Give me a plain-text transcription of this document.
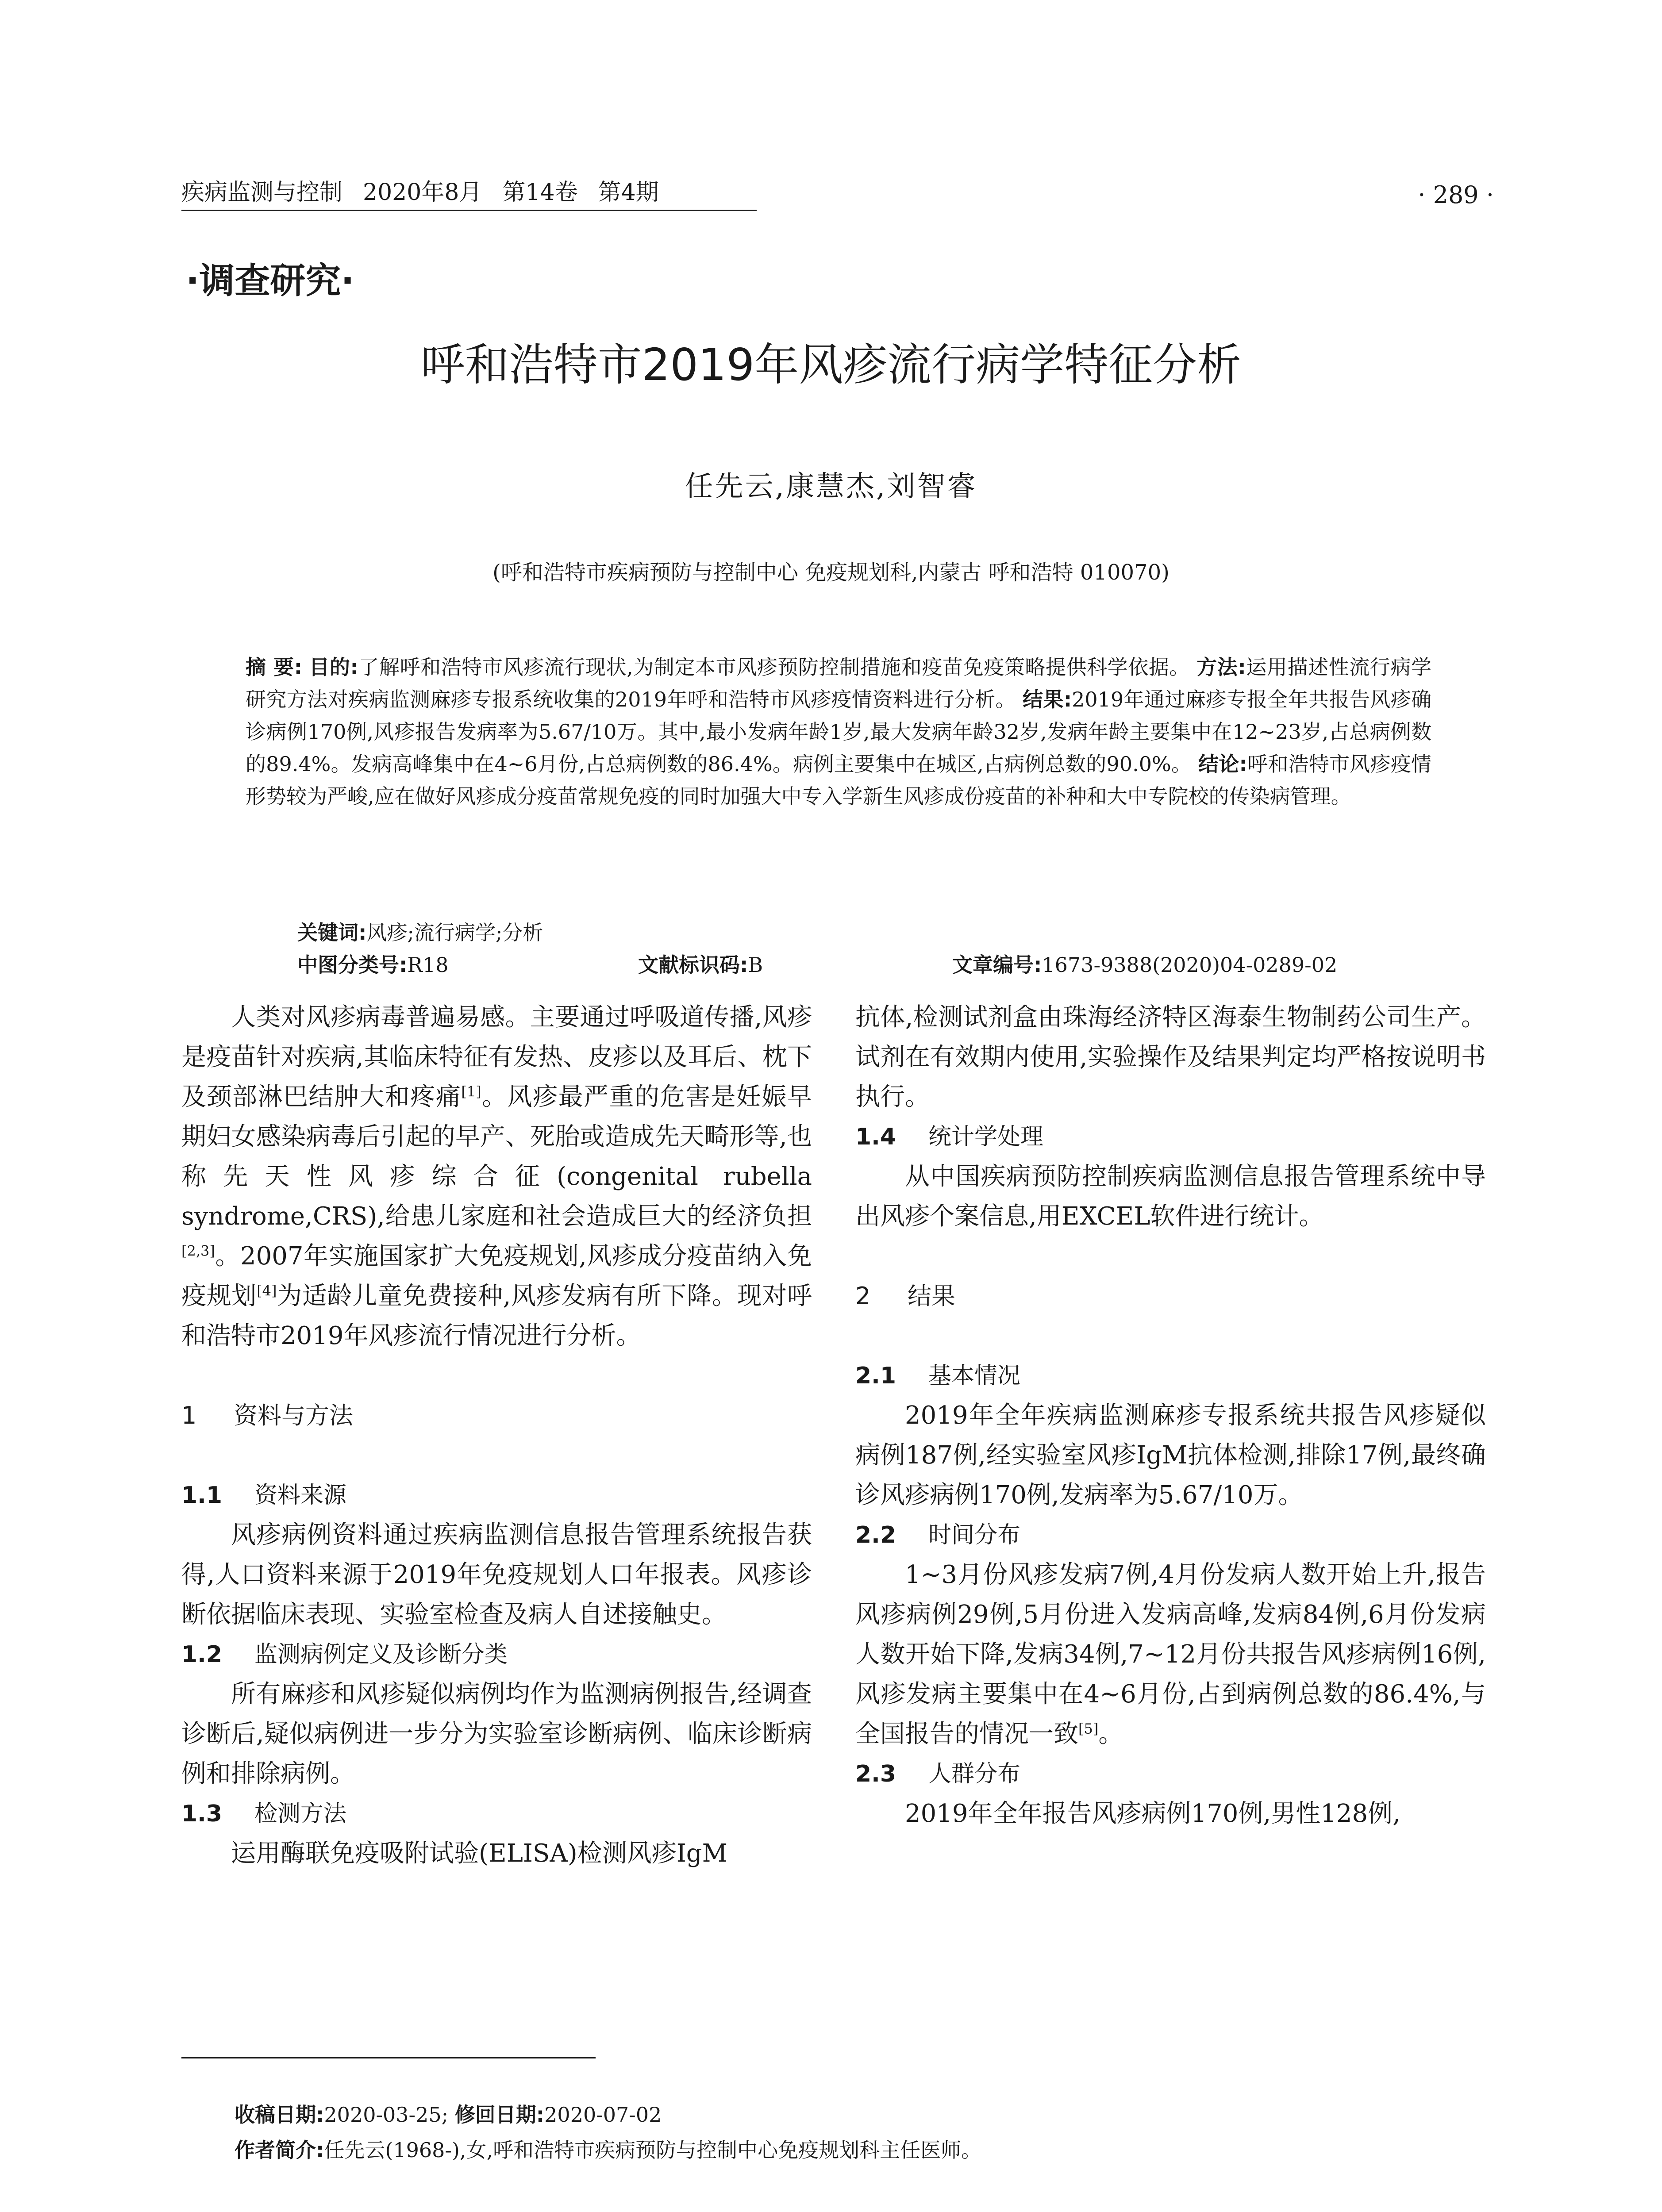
疾病监测与控制 2020年8月 第14卷 第4期	· 289 ·
·调查研究·
呼和浩特市2019年风疹流行病学特征分析
任先云,康慧杰,刘智睿
(呼和浩特市疾病预防与控制中心 免疫规划科,内蒙古 呼和浩特 010070)

摘 要: 目的:了解呼和浩特市风疹流行现状,为制定本市风疹预防控制措施和疫苗免疫策略提供科学依据。 方法:运用描述性流行病学研究方法对疾病监测麻疹专报系统收集的2019年呼和浩特市风疹疫情资料进行分析。 结果:2019年通过麻疹专报全年共报告风疹确诊病例170例,风疹报告发病率为5.67/10万。其中,最小发病年龄1岁,最大发病年龄32岁,发病年龄主要集中在12~23岁,占总病例数的89.4%。发病高峰集中在4~6月份,占总病例数的86.4%。病例主要集中在城区,占病例总数的90.0%。 结论:呼和浩特市风疹疫情形势较为严峻,应在做好风疹成分疫苗常规免疫的同时加强大中专入学新生风疹成份疫苗的补种和大中专院校的传染病管理。

关键词:风疹;流行病学;分析
中图分类号:R18	文献标识码:B	文章编号:1673-9388(2020)04-0289-02

人类对风疹病毒普遍易感。主要通过呼吸道传播,风疹是疫苗针对疾病,其临床特征有发热、皮疹以及耳后、枕下及颈部淋巴结肿大和疼痛[1]。风疹最严重的危害是妊娠早期妇女感染病毒后引起的早产、死胎或造成先天畸形等,也称先天性风疹综合征(congenital rubella syndrome,CRS),给患儿家庭和社会造成巨大的经济负担[2,3]。2007年实施国家扩大免疫规划,风疹成分疫苗纳入免疫规划[4]为适龄儿童免费接种,风疹发病有所下降。现对呼和浩特市2019年风疹流行情况进行分析。

1 资料与方法

1.1 资料来源

风疹病例资料通过疾病监测信息报告管理系统报告获得,人口资料来源于2019年免疫规划人口年报表。风疹诊断依据临床表现、实验室检查及病人自述接触史。

1.2 监测病例定义及诊断分类

所有麻疹和风疹疑似病例均作为监测病例报告,经调查诊断后,疑似病例进一步分为实验室诊断病例、临床诊断病例和排除病例。

1.3 检测方法

运用酶联免疫吸附试验(ELISA)检测风疹IgM

抗体,检测试剂盒由珠海经济特区海泰生物制药公司生产。试剂在有效期内使用,实验操作及结果判定均严格按说明书执行。

1.4 统计学处理

从中国疾病预防控制疾病监测信息报告管理系统中导出风疹个案信息,用EXCEL软件进行统计。

2 结果

2.1 基本情况

2019年全年疾病监测麻疹专报系统共报告风疹疑似病例187例,经实验室风疹IgM抗体检测,排除17例,最终确诊风疹病例170例,发病率为5.67/10万。

2.2 时间分布

1~3月份风疹发病7例,4月份发病人数开始上升,报告风疹病例29例,5月份进入发病高峰,发病84例,6月份发病人数开始下降,发病34例,7~12月份共报告风疹病例16例,风疹发病主要集中在4~6月份,占到病例总数的86.4%,与全国报告的情况一致[5]。

2.3 人群分布

2019年全年报告风疹病例170例,男性128例,

收稿日期:2020-03-25; 修回日期:2020-07-02

作者简介:任先云(1968-),女,呼和浩特市疾病预防与控制中心免疫规划科主任医师。
